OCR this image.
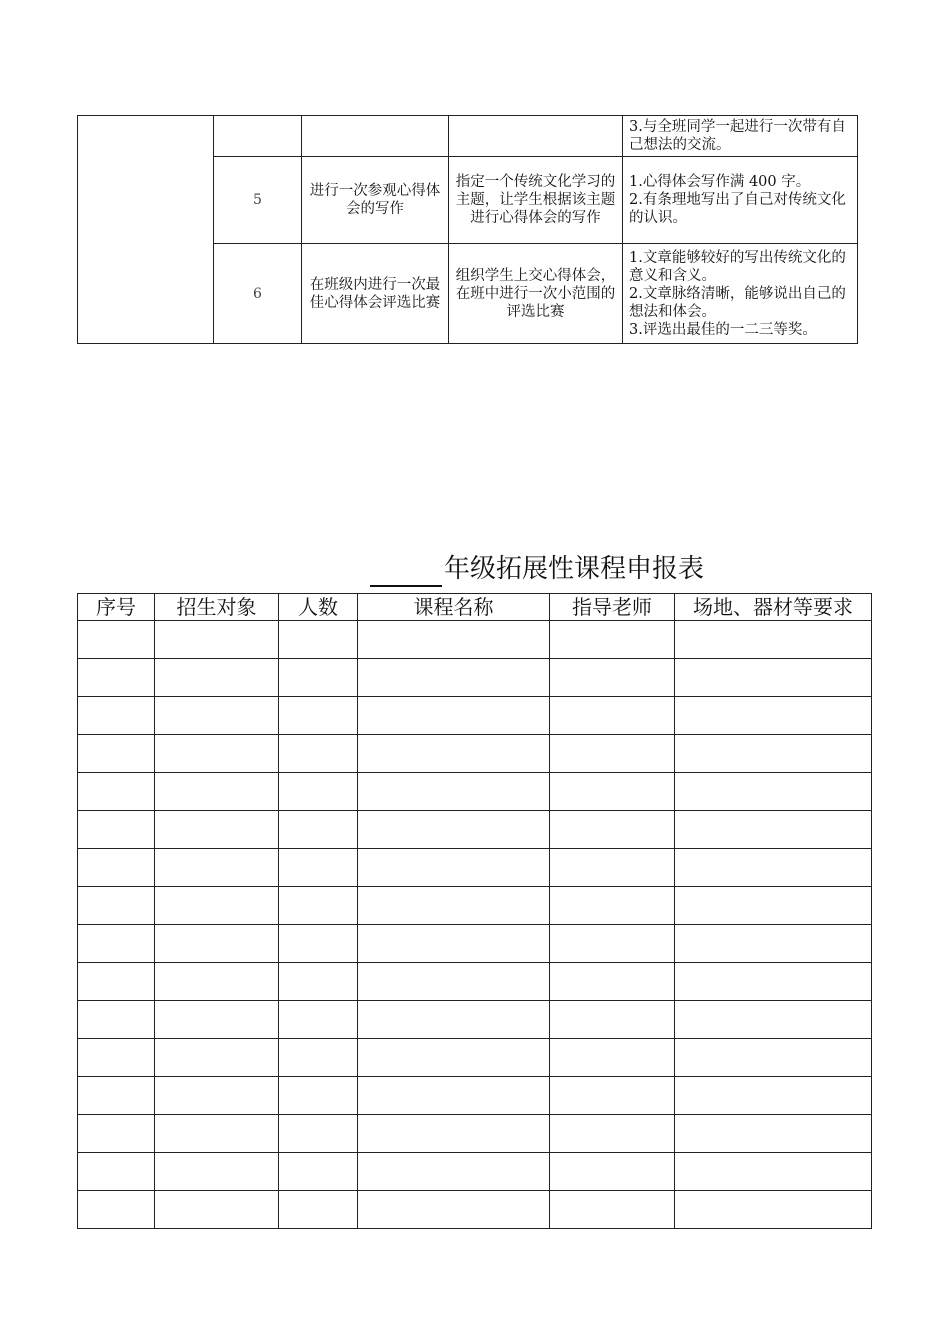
				3.与全班同学一起进行一次带有自己想法的交流。
	5	进行一次参观心得体会的写作	指定一个传统文化学习的主题，让学生根据该主题进行心得体会的写作	1.心得体会写作满 400 字。
2.有条理地写出了自己对传统文化的认识。

	6	在班级内进行一次最佳心得体会评选比赛	组织学生上交心得体会，在班中进行一次小范围的评选比赛	1.文章能够较好的写出传统文化的意义和含义。
2.文章脉络清晰，能够说出自己的想法和体会。
3.评选出最佳的一二三等奖。
年级拓展性课程申报表
序号	招生对象	人数	课程名称	指导老师	场地、器材等要求
